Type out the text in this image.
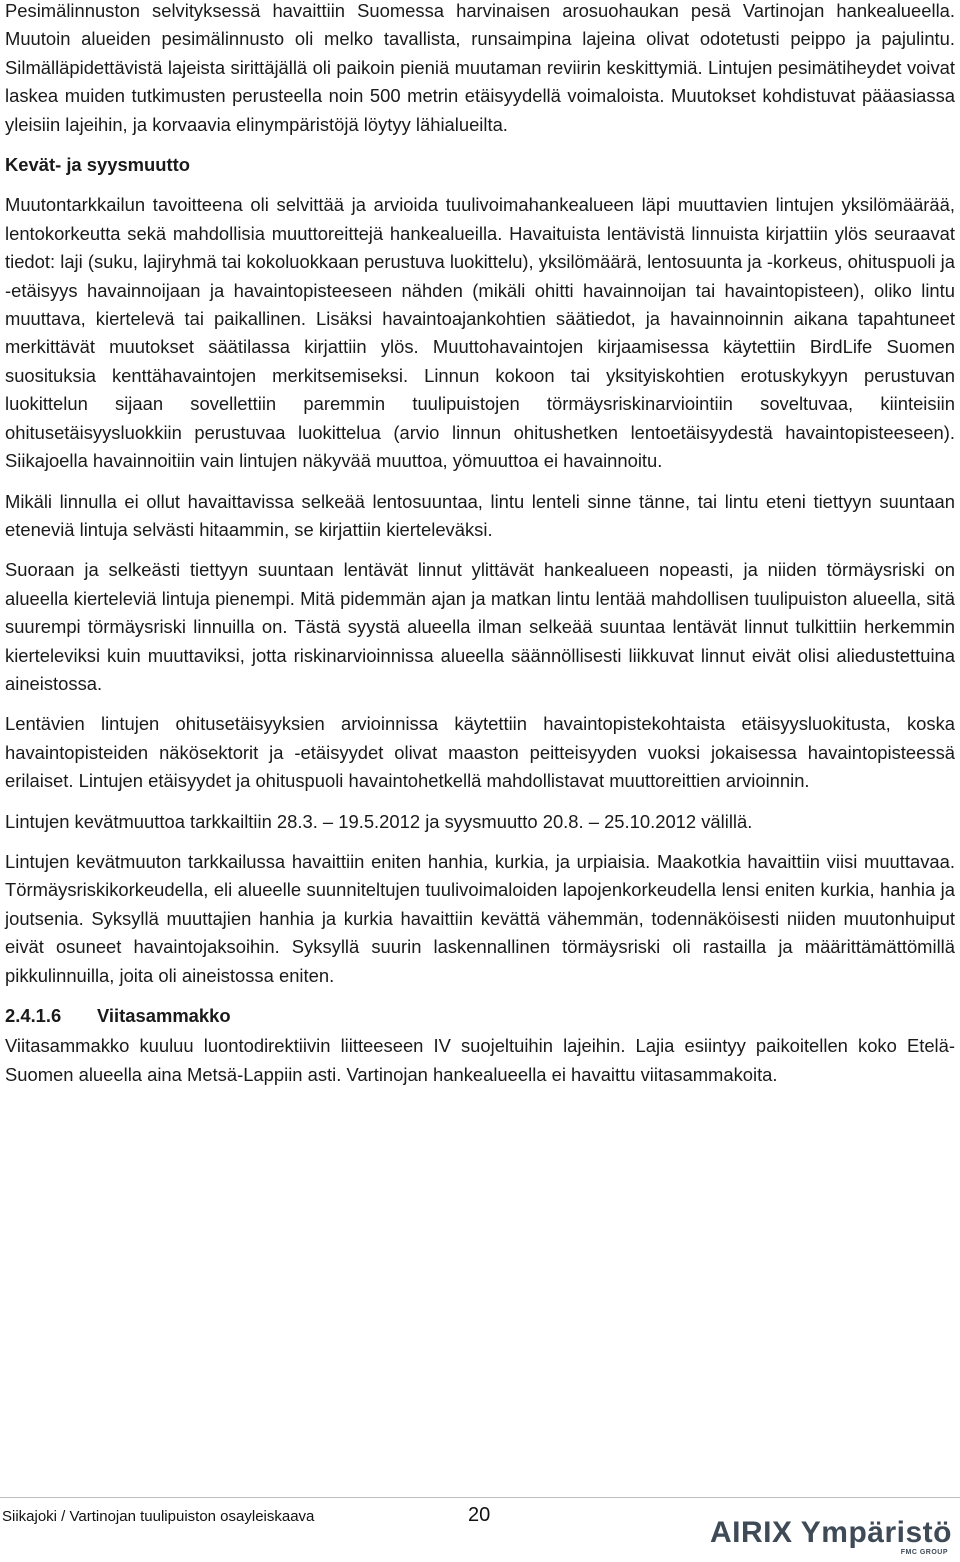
Pesimälinnuston selvityksessä havaittiin Suomessa harvinaisen arosuohaukan pesä Vartinojan hankealueella. Muutoin alueiden pesimälinnusto oli melko tavallista, runsaimpina lajeina olivat odotetusti peippo ja pajulintu. Silmälläpidettävistä lajeista sirittäjällä oli paikoin pieniä muutaman reviirin keskittymiä. Lintujen pesimätiheydet voivat laskea muiden tutkimusten perusteella noin 500 metrin etäisyydellä voimaloista. Muutokset kohdistuvat pääasiassa yleisiin lajeihin, ja korvaavia elinympäristöjä löytyy lähialueilta.

Kevät- ja syysmuutto

Muutontarkkailun tavoitteena oli selvittää ja arvioida tuulivoimahankealueen läpi muuttavien lintujen yksilömäärää, lentokorkeutta sekä mahdollisia muuttoreittejä hankealueilla. Havaituista lentävistä linnuista kirjattiin ylös seuraavat tiedot: laji (suku, lajiryhmä tai kokoluokkaan perustuva luokittelu), yksilömäärä, lentosuunta ja -korkeus, ohituspuoli ja -etäisyys havainnoijaan ja havaintopisteeseen nähden (mikäli ohitti havainnoijan tai havaintopisteen), oliko lintu muuttava, kiertelevä tai paikallinen. Lisäksi havaintoajankohtien säätiedot, ja havainnoinnin aikana tapahtuneet merkittävät muutokset säätilassa kirjattiin ylös. Muuttohavaintojen kirjaamisessa käytettiin BirdLife Suomen suosituksia kenttähavaintojen merkitsemiseksi. Linnun kokoon tai yksityiskohtien erotuskykyyn perustuvan luokittelun sijaan sovellettiin paremmin tuulipuistojen törmäysriskinarviointiin soveltuvaa, kiinteisiin ohitusetäisyysluokkiin perustuvaa luokittelua (arvio linnun ohitushetken lentoetäisyydestä havaintopisteeseen). Siikajoella havainnoitiin vain lintujen näkyvää muuttoa, yömuuttoa ei havainnoitu.

Mikäli linnulla ei ollut havaittavissa selkeää lentosuuntaa, lintu lenteli sinne tänne, tai lintu eteni tiettyyn suuntaan eteneviä lintuja selvästi hitaammin, se kirjattiin kierteleväksi.

Suoraan ja selkeästi tiettyyn suuntaan lentävät linnut ylittävät hankealueen nopeasti, ja niiden törmäysriski on alueella kierteleviä lintuja pienempi. Mitä pidemmän ajan ja matkan lintu lentää mahdollisen tuulipuiston alueella, sitä suurempi törmäysriski linnuilla on. Tästä syystä alueella ilman selkeää suuntaa lentävät linnut tulkittiin herkemmin kierteleviksi kuin muuttaviksi, jotta riskinarvioinnissa alueella säännöllisesti liikkuvat linnut eivät olisi aliedustettuina aineistossa.

Lentävien lintujen ohitusetäisyyksien arvioinnissa käytettiin havaintopistekohtaista etäisyysluokitusta, koska havaintopisteiden näkösektorit ja -etäisyydet olivat maaston peitteisyyden vuoksi jokaisessa havaintopisteessä erilaiset. Lintujen etäisyydet ja ohituspuoli havaintohetkellä mahdollistavat muuttoreittien arvioinnin.

Lintujen kevätmuuttoa tarkkailtiin 28.3. – 19.5.2012 ja syysmuutto 20.8. – 25.10.2012 välillä.

Lintujen kevätmuuton tarkkailussa havaittiin eniten hanhia, kurkia, ja urpiaisia. Maakotkia havaittiin viisi muuttavaa. Törmäysriskikorkeudella, eli alueelle suunniteltujen tuulivoimaloiden lapojenkorkeudella lensi eniten kurkia, hanhia ja joutsenia. Syksyllä muuttajien hanhia ja kurkia havaittiin kevättä vähemmän, todennäköisesti niiden muutonhuiput eivät osuneet havaintojaksoihin. Syksyllä suurin laskennallinen törmäysriski oli rastailla ja määrittämättömillä pikkulinnuilla, joita oli aineistossa eniten.

2.4.1.6 Viitasammakko

Viitasammakko kuuluu luontodirektiivin liitteeseen IV suojeltuihin lajeihin. Lajia esiintyy paikoitellen koko Etelä-Suomen alueella aina Metsä-Lappiin asti. Vartinojan hankealueella ei havaittu viitasammakoita.

Siikajoki / Vartinojan tuulipuiston osayleiskaava	20
AIRIX Ympäristö
FMC GROUP
